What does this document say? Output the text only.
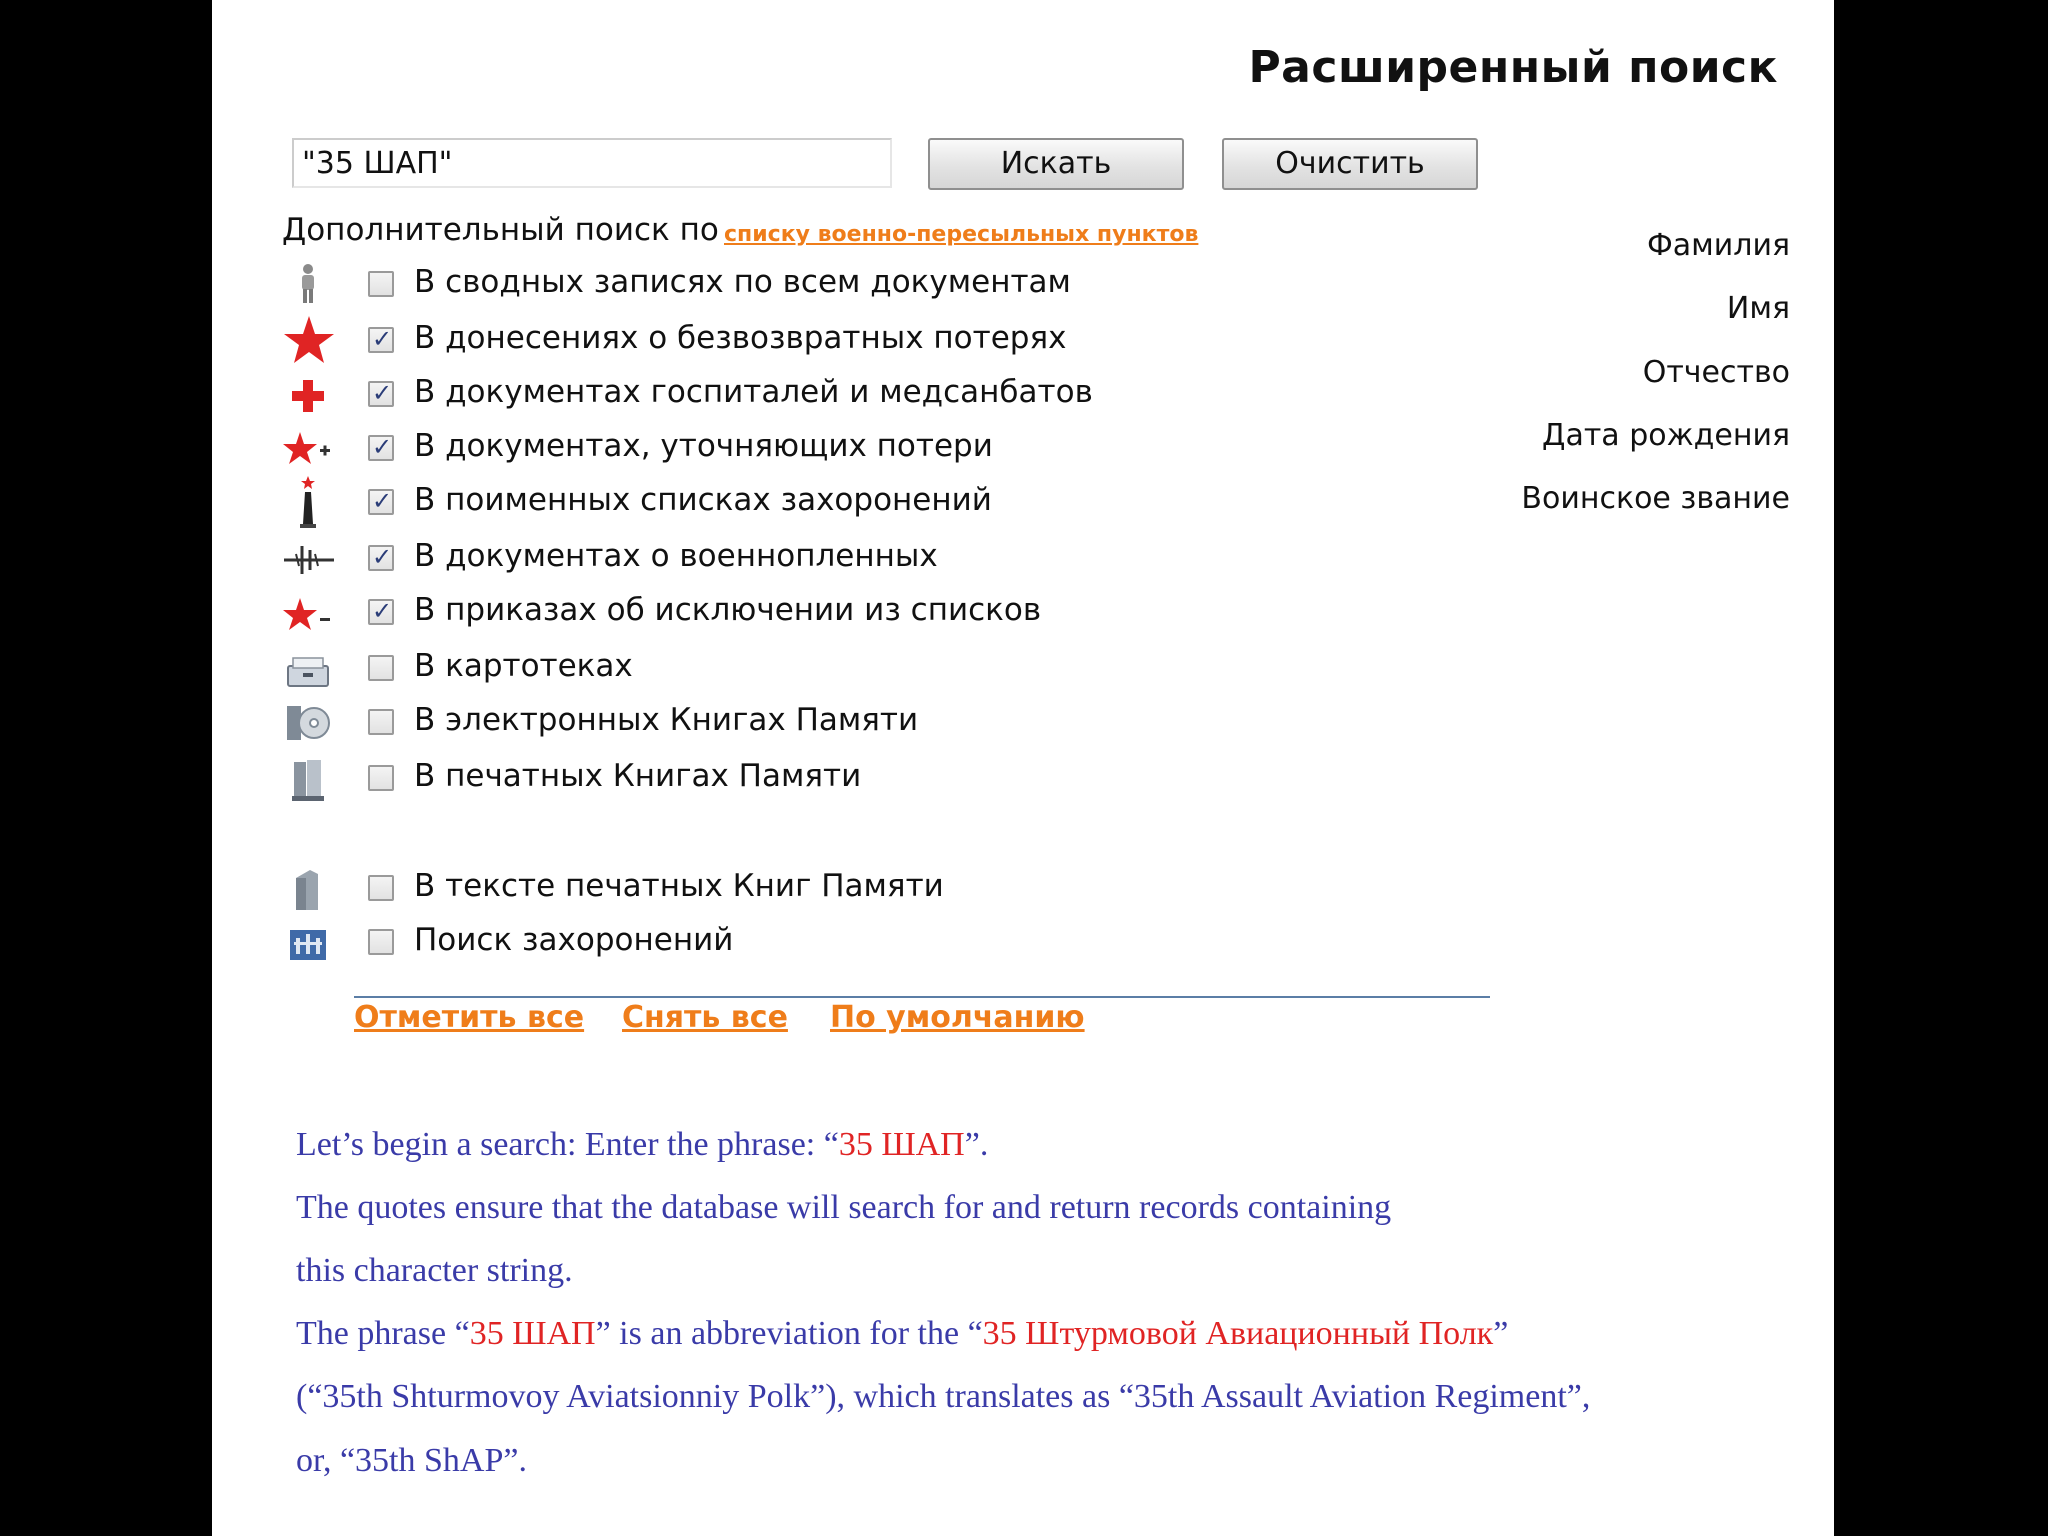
Расширенный поиск
"35 ШАП"
Искать	Очистить
Дополнительный поиск по списку военно-пересыльных пунктов
В сводных записях по всем документам
✓ В донесениях о безвозвратных потерях
✓ В документах госпиталей и медсанбатов
✓ В документах, уточняющих потери
✓ В поименных списках захоронений
✓ В документах о военнопленных
✓ В приказах об исключении из списков
В картотеках
В электронных Книгах Памяти
В печатных Книгах Памяти
В тексте печатных Книг Памяти
Поиск захоронений
Отметить все Снять все По умолчанию
Фамилия
Имя
Отчество
Дата рождения
Воинское звание
Let’s begin a search: Enter the phrase: “35 ШАП”.
The quotes ensure that the database will search for and return records containing
this character string.
The phrase “35 ШАП” is an abbreviation for the “35 Штурмовой Авиационный Полк”
(“35th Shturmovoy Aviatsionniy Polk”), which translates as “35th Assault Aviation Regiment”,
or, “35th ShAP”.
